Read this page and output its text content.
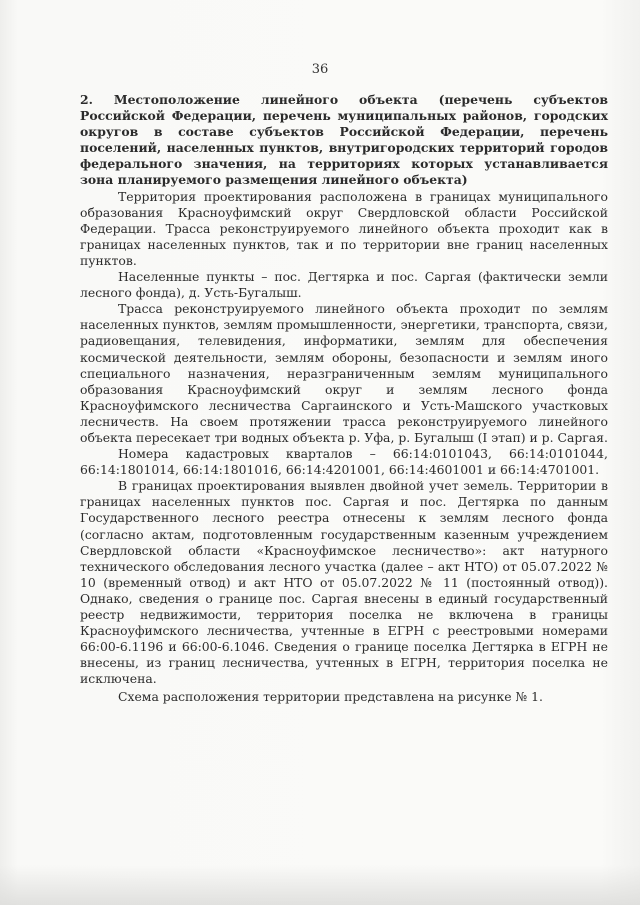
36

2. Местоположение линейного объекта (перечень субъектов Российской Федерации, перечень муниципальных районов, городских округов в составе субъектов Российской Федерации, перечень поселений, населенных пунктов, внутригородских территорий городов федерального значения, на территориях которых устанавливается зона планируемого размещения линейного объекта)

Территория проектирования расположена в границах муниципального образования Красноуфимский округ Свердловской области Российской Федерации. Трасса реконструируемого линейного объекта проходит как в границах населенных пунктов, так и по территории вне границ населенных пунктов.

Населенные пункты – пос. Дегтярка и пос. Саргая (фактически земли лесного фонда), д. Усть-Бугалыш.

Трасса реконструируемого линейного объекта проходит по землям населенных пунктов, землям промышленности, энергетики, транспорта, связи, радиовещания, телевидения, информатики, землям для обеспечения космической деятельности, землям обороны, безопасности и землям иного специального назначения, неразграниченным землям муниципального образования Красноуфимский округ и землям лесного фонда Красноуфимского лесничества Саргаинского и Усть-Машского участковых лесничеств. На своем протяжении трасса реконструируемого линейного объекта пересекает три водных объекта р. Уфа, р. Бугалыш (I этап) и р. Саргая.

Номера кадастровых кварталов – 66:14:0101043, 66:14:0101044, 66:14:1801014, 66:14:1801016, 66:14:4201001, 66:14:4601001 и 66:14:4701001.

В границах проектирования выявлен двойной учет земель. Территории в границах населенных пунктов пос. Саргая и пос. Дегтярка по данным Государственного лесного реестра отнесены к землям лесного фонда (согласно актам, подготовленным государственным казенным учреждением Свердловской области «Красноуфимское лесничество»: акт натурного технического обследования лесного участка (далее – акт НТО) от 05.07.2022 № 10 (временный отвод) и акт НТО от 05.07.2022 № 11 (постоянный отвод)). Однако, сведения о границе пос. Саргая внесены в единый государственный реестр недвижимости, территория поселка не включена в границы Красноуфимского лесничества, учтенные в ЕГРН с реестровыми номерами 66:00-6.1196 и 66:00-6.1046. Сведения о границе поселка Дегтярка в ЕГРН не внесены, из границ лесничества, учтенных в ЕГРН, территория поселка не исключена.

Схема расположения территории представлена на рисунке № 1.
